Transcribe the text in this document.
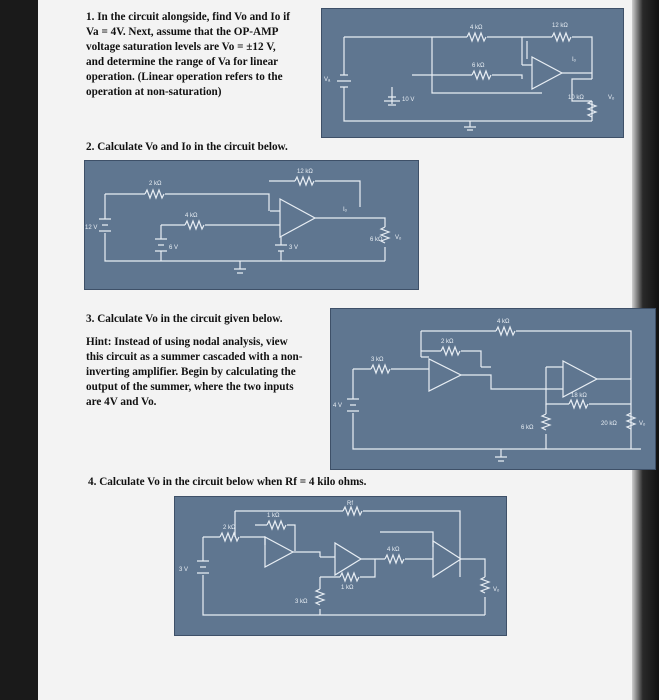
1. In the circuit alongside, find Vo and Io if

Va = 4V. Next, assume that the OP-AMP

voltage saturation levels are Vo = ±12 V,

and determine the range of Va for linear

operation. (Linear operation refers to the

operation at non-saturation)

12 kΩ
4 kΩ
6 kΩ
Vₐ
10 V	10 kΩ
Iₒ
Vₒ

2. Calculate Vo and Io in the circuit below.

12 kΩ
2 kΩ
4 kΩ
12 V
6 V	3 V
Iₒ
6 kΩ Vₒ

3. Calculate Vo in the circuit given below.

Hint: Instead of using nodal analysis, view

this circuit as a summer cascaded with a non-

inverting amplifier. Begin by calculating the

output of the summer, where the two inputs

are 4V and Vo.

4 kΩ
2 kΩ
3 kΩ
4 V
6 kΩ
18 kΩ
20 kΩ	Vₒ

4. Calculate Vo in the circuit below when Rf = 4 kilo ohms.

Rf
2 kΩ
1 kΩ
4 kΩ
1 kΩ
3 V
3 kΩ
Vₒ
